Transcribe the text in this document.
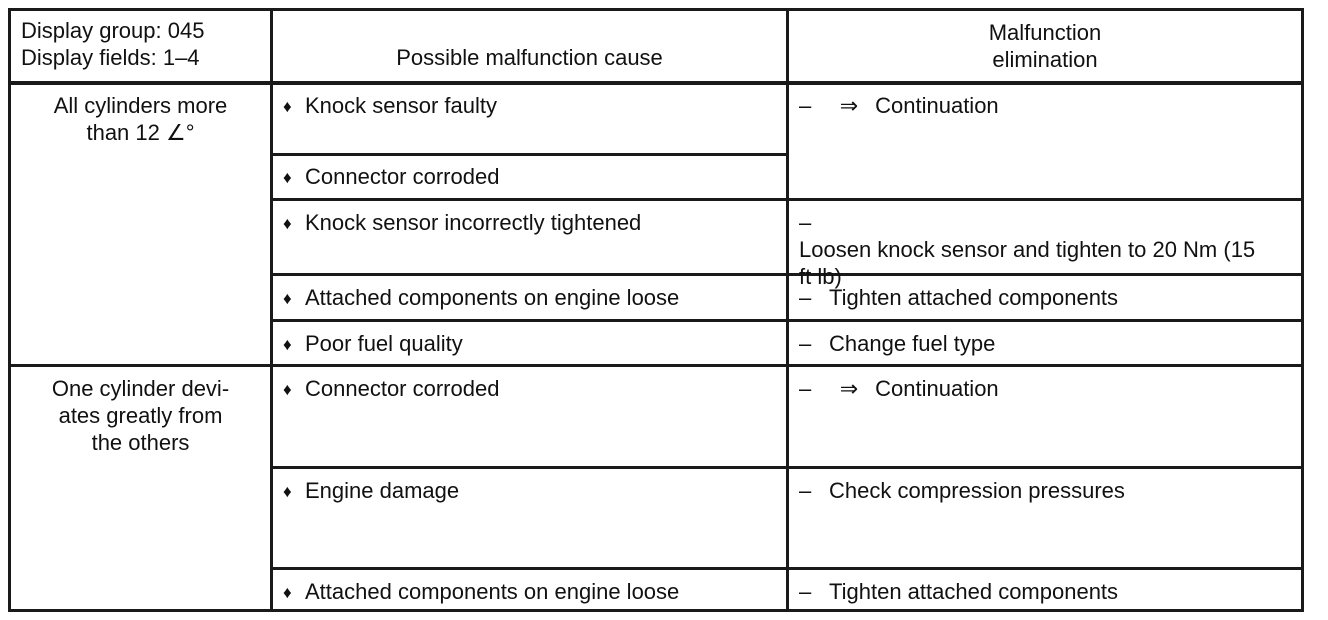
Display group: 045
Display fields: 1–4	Possible malfunction cause
Malfunction
elimination
All cylinders more
than 12 ∠°
♦ Knock sensor faulty
♦ Connector corroded
♦ Knock sensor incorrectly tightened
♦ Attached components on engine loose
♦ Poor fuel quality
– ⇒ Continuation
–Loosen knock sensor and tighten to 20 Nm (15 ft lb)
– Tighten attached components
– Change fuel type
One cylinder devi-
ates greatly from
the others
♦ Connector corroded
♦ Engine damage
♦ Attached components on engine loose
– ⇒ Continuation
– Check compression pressures
– Tighten attached components
